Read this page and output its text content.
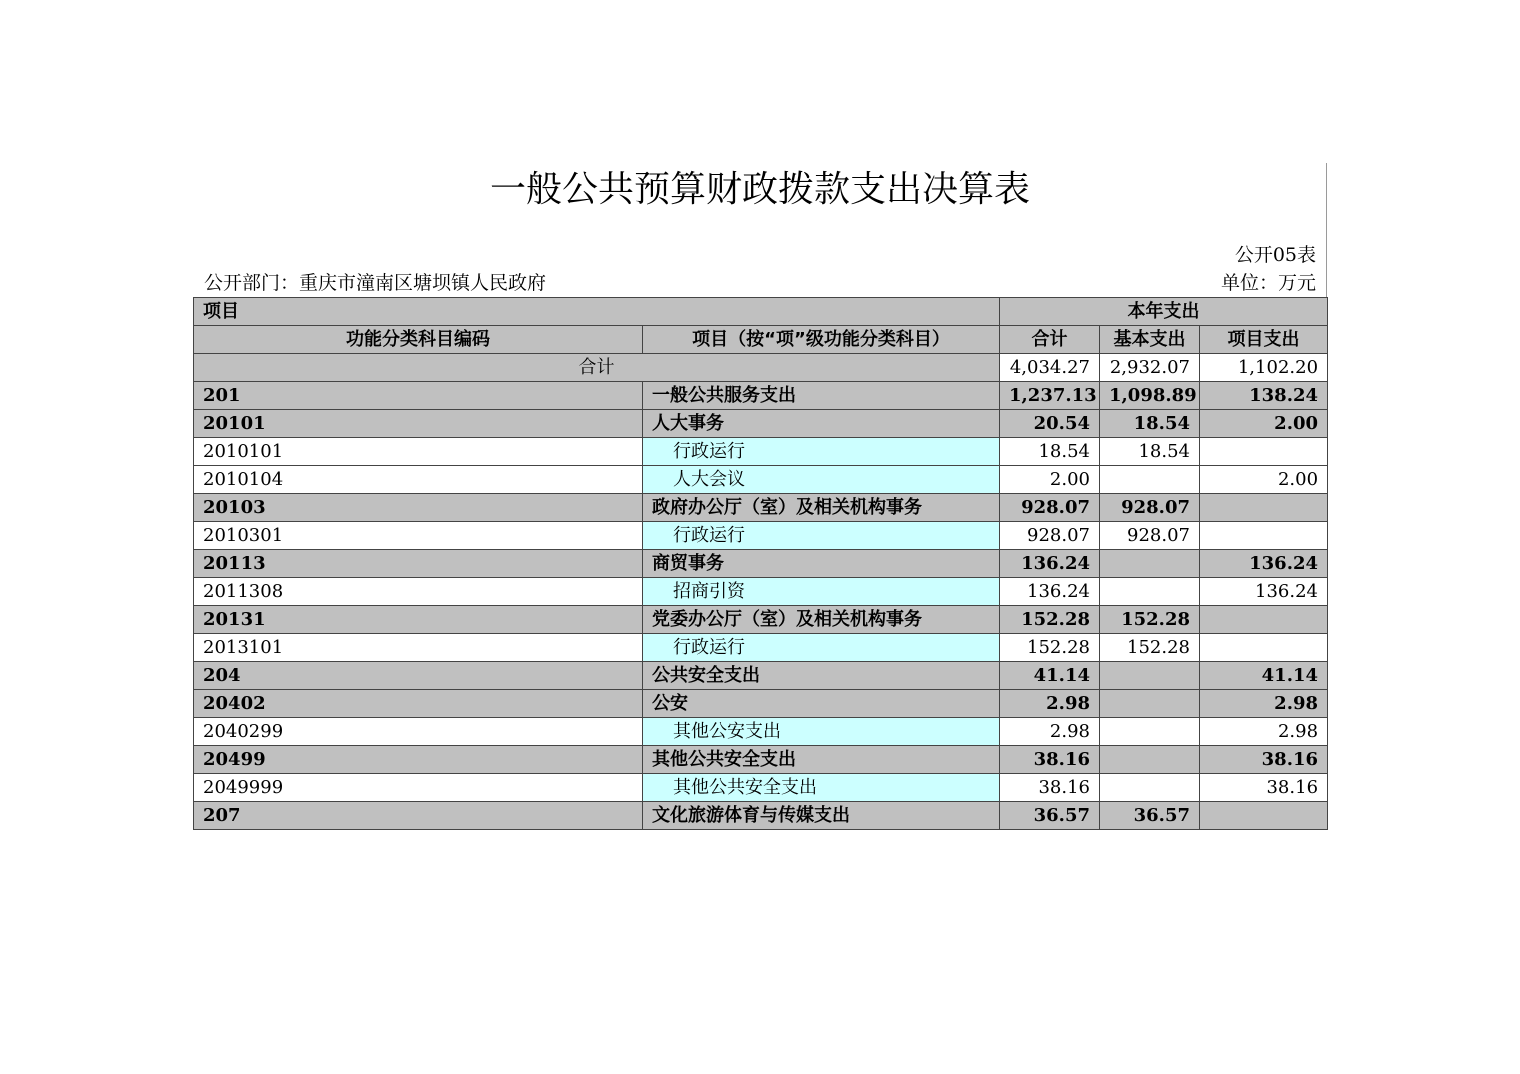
一般公共预算财政拨款支出决算表
公开05表
公开部门：重庆市潼南区塘坝镇人民政府	单位：万元
项目		本年支出		
功能分类科目编码	项目（按“项”级功能分类科目）	合计	基本支出	项目支出
合计		4,034.27	2,932.07	1,102.20
201	一般公共服务支出	1,237.13	1,098.89	138.24
20101	人大事务	20.54	18.54	2.00
2010101	行政运行	18.54	18.54	
2010104	人大会议	2.00		2.00
20103	政府办公厅（室）及相关机构事务	928.07	928.07	
2010301	行政运行	928.07	928.07	
20113	商贸事务	136.24		136.24
2011308	招商引资	136.24		136.24
20131	党委办公厅（室）及相关机构事务	152.28	152.28	
2013101	行政运行	152.28	152.28	
204	公共安全支出	41.14		41.14
20402	公安	2.98		2.98
2040299	其他公安支出	2.98		2.98
20499	其他公共安全支出	38.16		38.16
2049999	其他公共安全支出	38.16		38.16
207	文化旅游体育与传媒支出	36.57	36.57	
